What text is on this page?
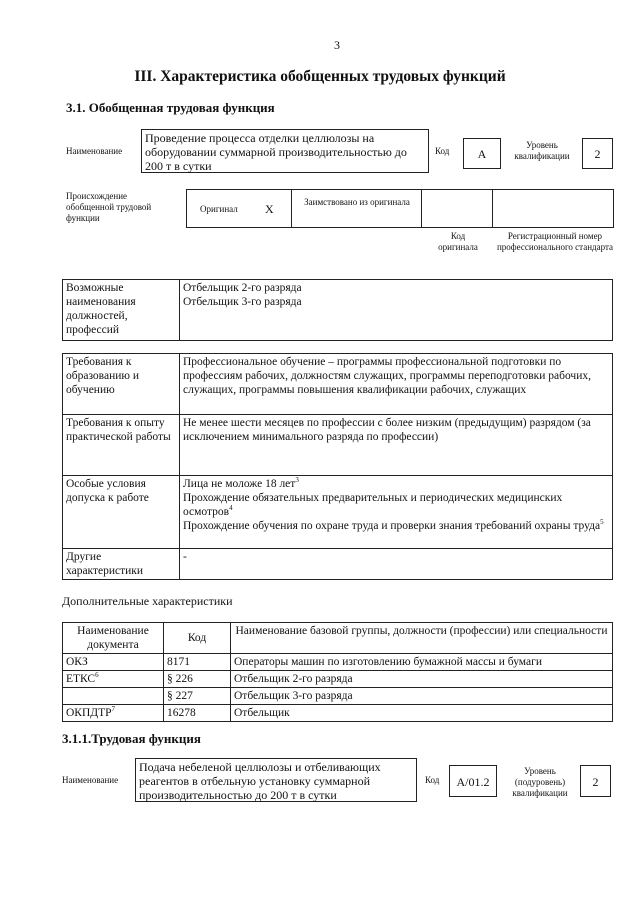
3
III. Характеристика обобщенных трудовых функций
3.1. Обобщенная трудовая функция
Наименование
Проведение процесса отделки целлюлозы на оборудовании суммарной производительностью до 200 т в сутки
Код	A
Уровень квалификации	2
Происхождение обобщенной трудовой функции
Оригинал X	Заимствовано из оригинала
Код оригинала
Регистрационный номер профессионального стандарта
Возможные наименования должностей, профессий	
Отбельщик 2-го разряда
Отбельщик 3-го разряда
Требования к образованию и обучению	Профессиональное обучение – программы профессиональной подготовки по профессиям рабочих, должностям служащих, программы переподготовки рабочих, служащих, программы повышения квалификации рабочих, служащих
Требования к опыту практической работы	Не менее шести месяцев по профессии с более низким (предыдущим) разрядом (за исключением минимального разряда по профессии)
Особые условия допуска к работе	Лица не моложе 18 лет$^3$
Прохождение обязательных предварительных и периодических медицинских осмотров$^4$
Прохождение обучения по охране труда и проверки знания требований охраны труда$^5$

Другие характеристики	-
Дополнительные характеристики
Наименование документа	Код	Наименование базовой группы, должности (профессии) или специальности
ОКЗ	8171	Операторы машин по изготовлению бумажной массы и бумаги
ЕТКС$^6$	§ 226	Отбельщик 2-го разряда
	§ 227	Отбельщик 3-го разряда
ОКПДТР$^7$	16278	Отбельщик
3.1.1.Трудовая функция
Наименование
Подача небеленой целлюлозы и отбеливающих реагентов в отбельную установку суммарной производительностью до 200 т в сутки
Код	A/01.2
Уровень (подуровень) квалификации
2
